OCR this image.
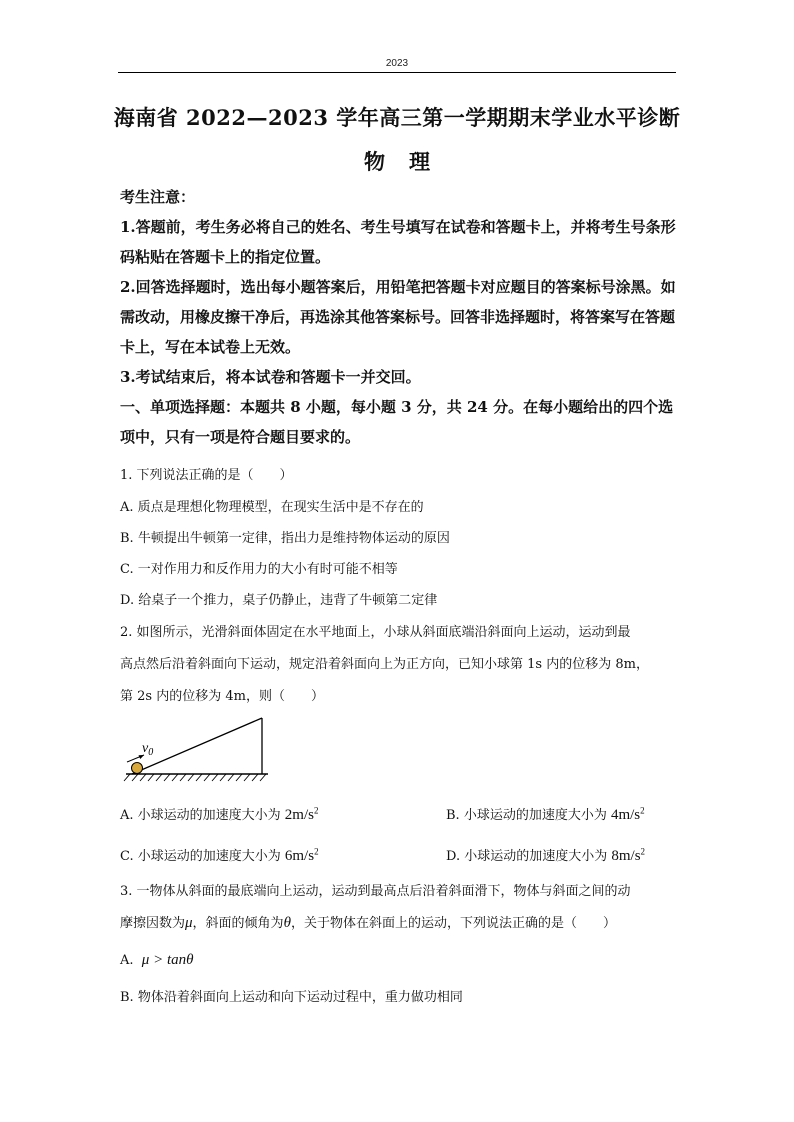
2023
海南省 2022—2023 学年高三第一学期期末学业水平诊断
物 理
考生注意：
1.答题前，考生务必将自己的姓名、考生号填写在试卷和答题卡上，并将考生号条形码粘贴在答题卡上的指定位置。
2.回答选择题时，选出每小题答案后，用铅笔把答题卡对应题目的答案标号涂黑。如需改动，用橡皮擦干净后，再选涂其他答案标号。回答非选择题时，将答案写在答题卡上，写在本试卷上无效。
3.考试结束后，将本试卷和答题卡一并交回。
一、单项选择题：本题共 8 小题，每小题 3 分，共 24 分。在每小题给出的四个选项中，只有一项是符合题目要求的。
1. 下列说法正确的是（　　）
A. 质点是理想化物理模型，在现实生活中是不存在的
B. 牛顿提出牛顿第一定律，指出力是维持物体运动的原因
C. 一对作用力和反作用力的大小有时可能不相等
D. 给桌子一个推力，桌子仍静止，违背了牛顿第二定律
2. 如图所示，光滑斜面体固定在水平地面上，小球从斜面底端沿斜面向上运动，运动到最
高点然后沿着斜面向下运动，规定沿着斜面向上为正方向，已知小球第 1s 内的位移为 8m，
第 2s 内的位移为 4m，则（　　）
$v_0$
A. 小球运动的加速度大小为 $2m/s^2$	B. 小球运动的加速度大小为 $4m/s^2$
C. 小球运动的加速度大小为 $6m/s^2$	D. 小球运动的加速度大小为 $8m/s^2$
3. 一物体从斜面的最底端向上运动，运动到最高点后沿着斜面滑下，物体与斜面之间的动
摩擦因数为μ，斜面的倾角为θ，关于物体在斜面上的运动，下列说法正确的是（　　）
A. μ > tanθ
B. 物体沿着斜面向上运动和向下运动过程中，重力做功相同
